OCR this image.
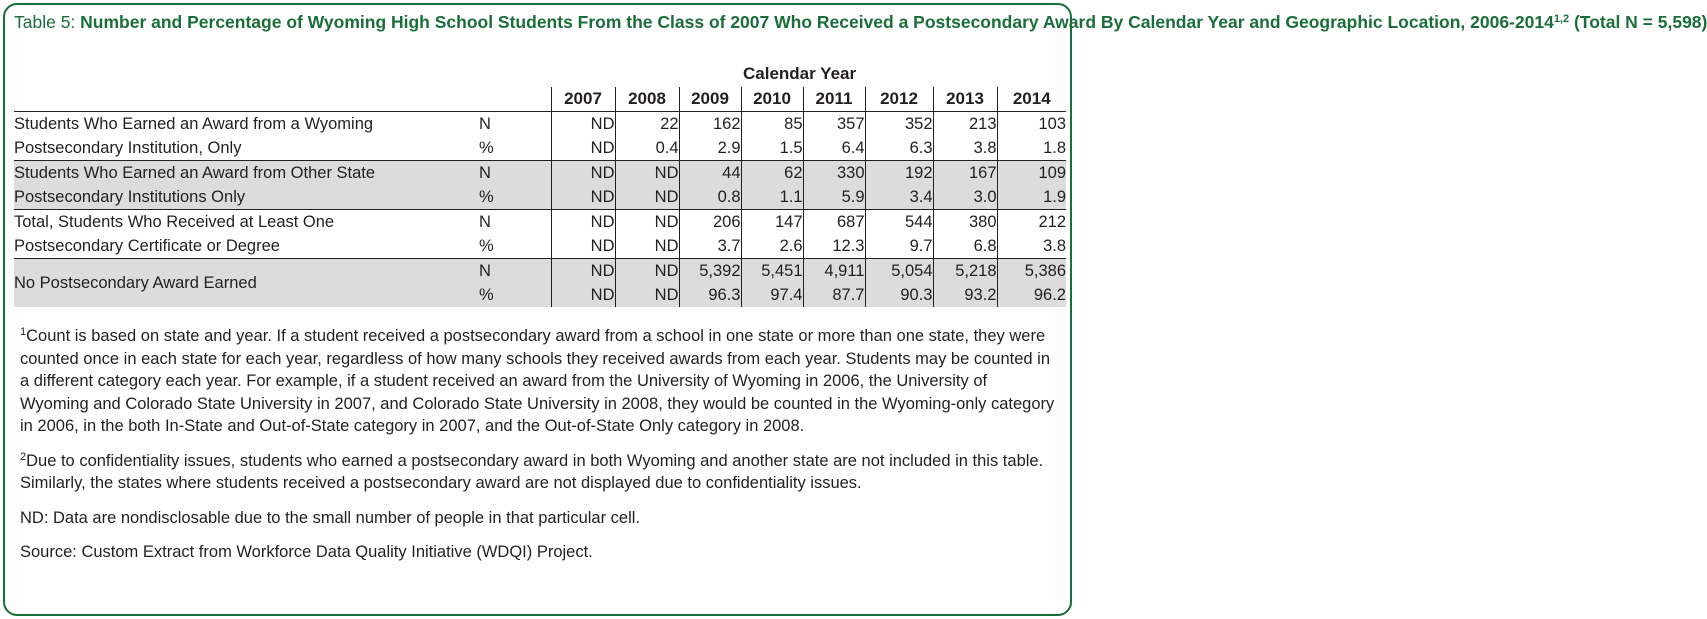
Table 5: Number and Percentage of Wyoming High School Students From the Class of 2007 Who Received a Postsecondary Award By Calendar Year and Geographic Location, 2006-2014$^{1,2}$ (Total N = 5,598)
Calendar Year
		2007	2008	2009	2010	2011	2012	2013	2014
Students Who Earned an Award from a Wyoming	N	ND	22	162	85	357	352	213	103
Postsecondary Institution, Only	%	ND	0.4	2.9	1.5	6.4	6.3	3.8	1.8
Students Who Earned an Award from Other State	N	ND	ND	44	62	330	192	167	109
Postsecondary Institutions Only	%	ND	ND	0.8	1.1	5.9	3.4	3.0	1.9
Total, Students Who Received at Least One	N	ND	ND	206	147	687	544	380	212
Postsecondary Certificate or Degree	%	ND	ND	3.7	2.6	12.3	9.7	6.8	3.8
No Postsecondary Award Earned	N	ND	ND	5,392	5,451	4,911	5,054	5,218	5,386
	%	ND	ND	96.3	97.4	87.7	90.3	93.2	96.2

$^1$Count is based on state and year. If a student received a postsecondary award from a school in one state or more than one state, they were counted once in each state for each year, regardless of how many schools they received awards from each year. Students may be counted in a different category each year. For example, if a student received an award from the University of Wyoming in 2006, the University of Wyoming and Colorado State University in 2007, and Colorado State University in 2008, they would be counted in the Wyoming-only category in 2006, in the both In-State and Out-of-State category in 2007, and the Out-of-State Only category in 2008.

$^2$Due to confidentiality issues, students who earned a postsecondary award in both Wyoming and another state are not included in this table. Similarly, the states where students received a postsecondary award are not displayed due to confidentiality issues.

ND: Data are nondisclosable due to the small number of people in that particular cell.

Source: Custom Extract from Workforce Data Quality Initiative (WDQI) Project.
